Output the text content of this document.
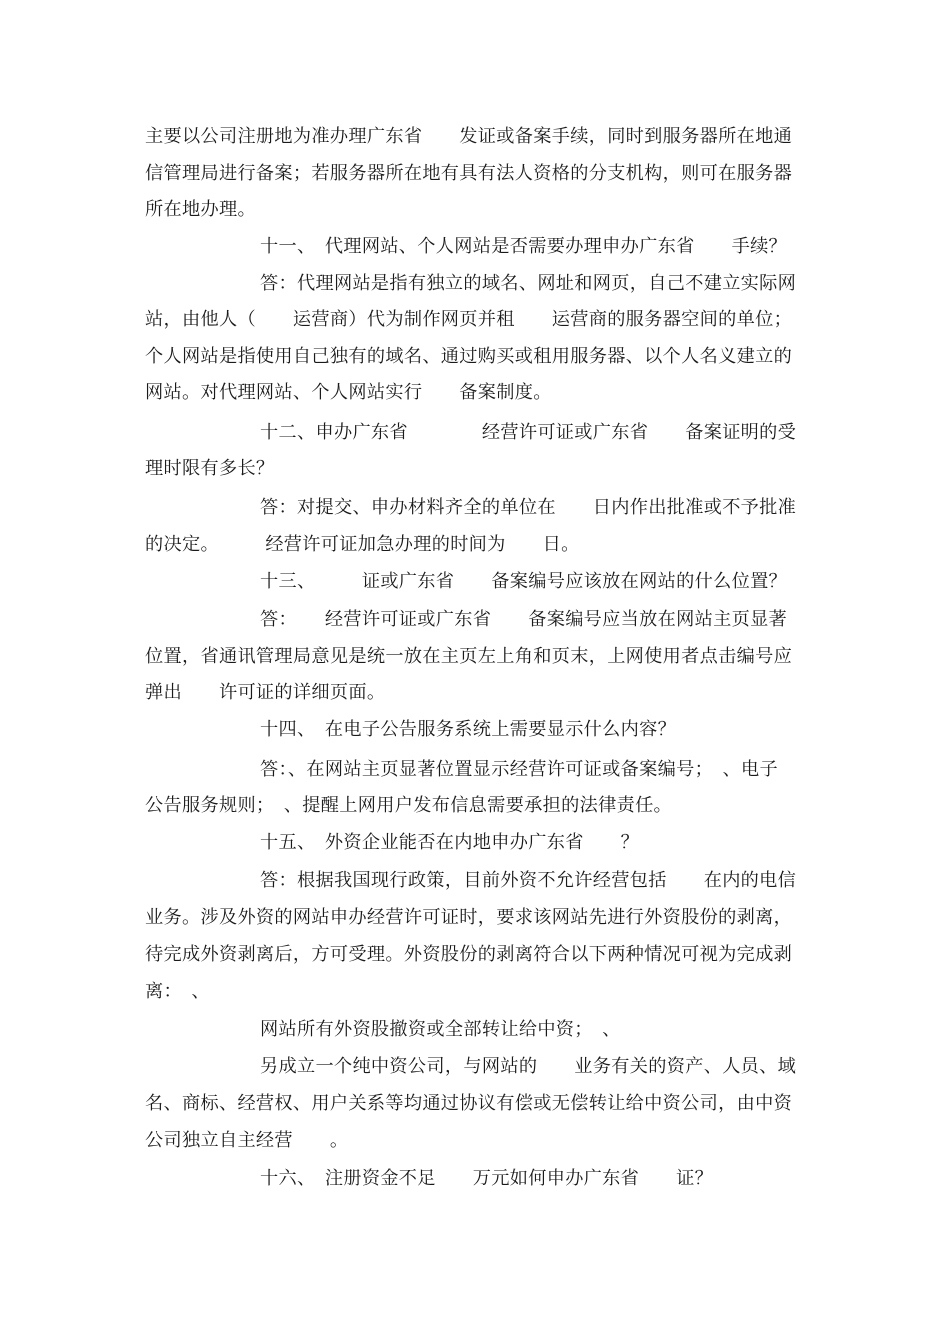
主要以公司注册地为准办理广东省　　发证或备案手续，同时到服务器所在地通
信管理局进行备案；若服务器所在地有具有法人资格的分支机构，则可在服务器
所在地办理。
十一、　代理网站、个人网站是否需要办理申办广东省　　手续？
答：代理网站是指有独立的域名、网址和网页，自己不建立实际网
站，由他人（　　运营商）代为制作网页并租　　运营商的服务器空间的单位；
个人网站是指使用自己独有的域名、通过购买或租用服务器、以个人名义建立的
网站。对代理网站、个人网站实行　　备案制度。
十二、申办广东省　　　　经营许可证或广东省　　备案证明的受
理时限有多长？
答：对提交、申办材料齐全的单位在　　日内作出批准或不予批准
的决定。　　　经营许可证加急办理的时间为　　日。
十三、　　　证或广东省　　备案编号应该放在网站的什么位置？
答：　　经营许可证或广东省　　备案编号应当放在网站主页显著
位置，省通讯管理局意见是统一放在主页左上角和页末，上网使用者点击编号应
弹出　　许可证的详细页面。
十四、　在电子公告服务系统上需要显示什么内容？
答：、在网站主页显著位置显示经营许可证或备案编号；　、电子
公告服务规则；　、提醒上网用户发布信息需要承担的法律责任。
十五、　外资企业能否在内地申办广东省　　？
答：根据我国现行政策，目前外资不允许经营包括　　在内的电信
业务。涉及外资的网站申办经营许可证时，要求该网站先进行外资股份的剥离，
待完成外资剥离后，方可受理。外资股份的剥离符合以下两种情况可视为完成剥
离：　、
网站所有外资股撤资或全部转让给中资；　、
另成立一个纯中资公司，与网站的　　业务有关的资产、人员、域
名、商标、经营权、用户关系等均通过协议有偿或无偿转让给中资公司，由中资
公司独立自主经营　　。
十六、　注册资金不足　　万元如何申办广东省　　证？
